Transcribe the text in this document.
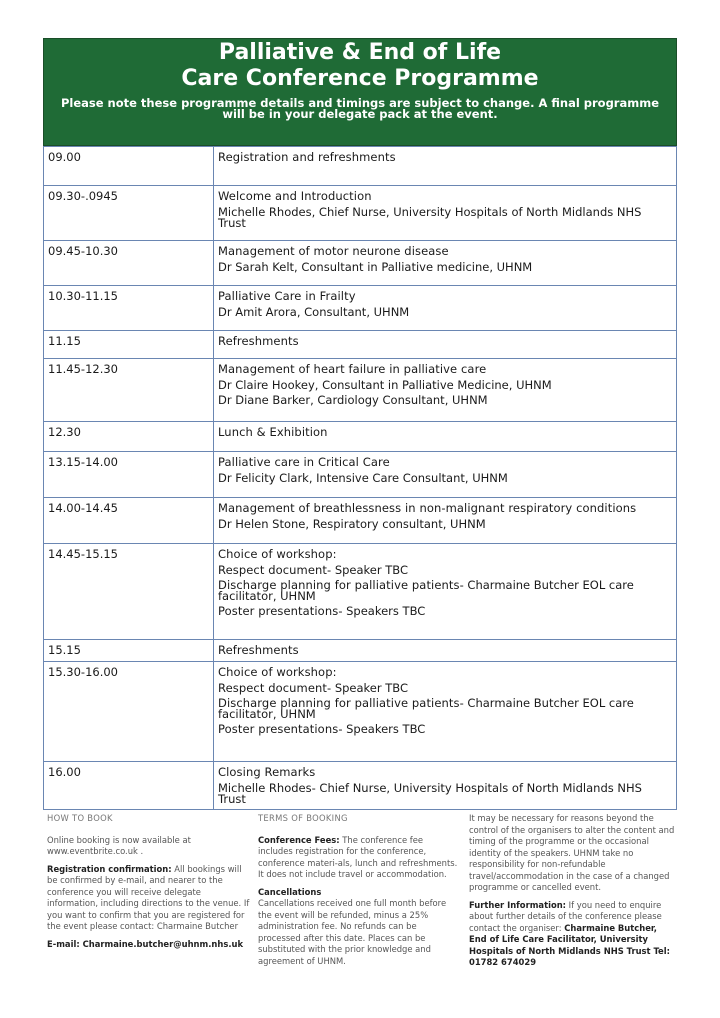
Palliative & End of Life
Care Conference Programme
Please note these programme details and timings are subject to change. A final programme will be in your delegate pack at the event.
09.00	Registration and refreshments

09.30-.0945	Welcome and Introduction
Michelle Rhodes, Chief Nurse, University Hospitals of North Midlands NHS Trust

09.45-10.30	Management of motor neurone disease
Dr Sarah Kelt, Consultant in Palliative medicine, UHNM

10.30-11.15	Palliative Care in Frailty
Dr Amit Arora, Consultant, UHNM

11.15	Refreshments

11.45-12.30	Management of heart failure in palliative care
Dr Claire Hookey, Consultant in Palliative Medicine, UHNM
Dr Diane Barker, Cardiology Consultant, UHNM

12.30	Lunch & Exhibition

13.15-14.00	Palliative care in Critical Care
Dr Felicity Clark, Intensive Care Consultant, UHNM

14.00-14.45	Management of breathlessness in non-malignant respiratory conditions
Dr Helen Stone, Respiratory consultant, UHNM

14.45-15.15	Choice of workshop:
Respect document- Speaker TBC
Discharge planning for palliative patients- Charmaine Butcher EOL care facilitator, UHNM
Poster presentations- Speakers TBC

15.15	Refreshments

15.30-16.00	Choice of workshop:
Respect document- Speaker TBC
Discharge planning for palliative patients- Charmaine Butcher EOL care facilitator, UHNM
Poster presentations- Speakers TBC

16.00	Closing Remarks
Michelle Rhodes- Chief Nurse, University Hospitals of North Midlands NHS Trust
HOW TO BOOK

Online booking is now available at www.eventbrite.co.uk .

Registration confirmation: All bookings will be confirmed by e-mail, and nearer to the conference you will receive delegate information, including directions to the venue. If you want to confirm that you are registered for the event please contact: Charmaine Butcher

E-mail: Charmaine.butcher@uhnm.nhs.uk

TERMS OF BOOKING

Conference Fees: The conference fee includes registration for the conference, conference materi-als, lunch and refreshments. It does not include travel or accommodation.

Cancellations

Cancellations received one full month before the event will be refunded, minus a 25% administration fee. No refunds can be processed after this date. Places can be substituted with the prior knowledge and agreement of UHNM.

It may be necessary for reasons beyond the control of the organisers to alter the content and timing of the programme or the occasional identity of the speakers. UHNM take no responsibility for non-refundable travel/accommodation in the case of a changed programme or cancelled event.

Further Information: If you need to enquire about further details of the conference please contact the organiser: Charmaine Butcher, End of Life Care Facilitator, University Hospitals of North Midlands NHS Trust Tel: 01782 674029
